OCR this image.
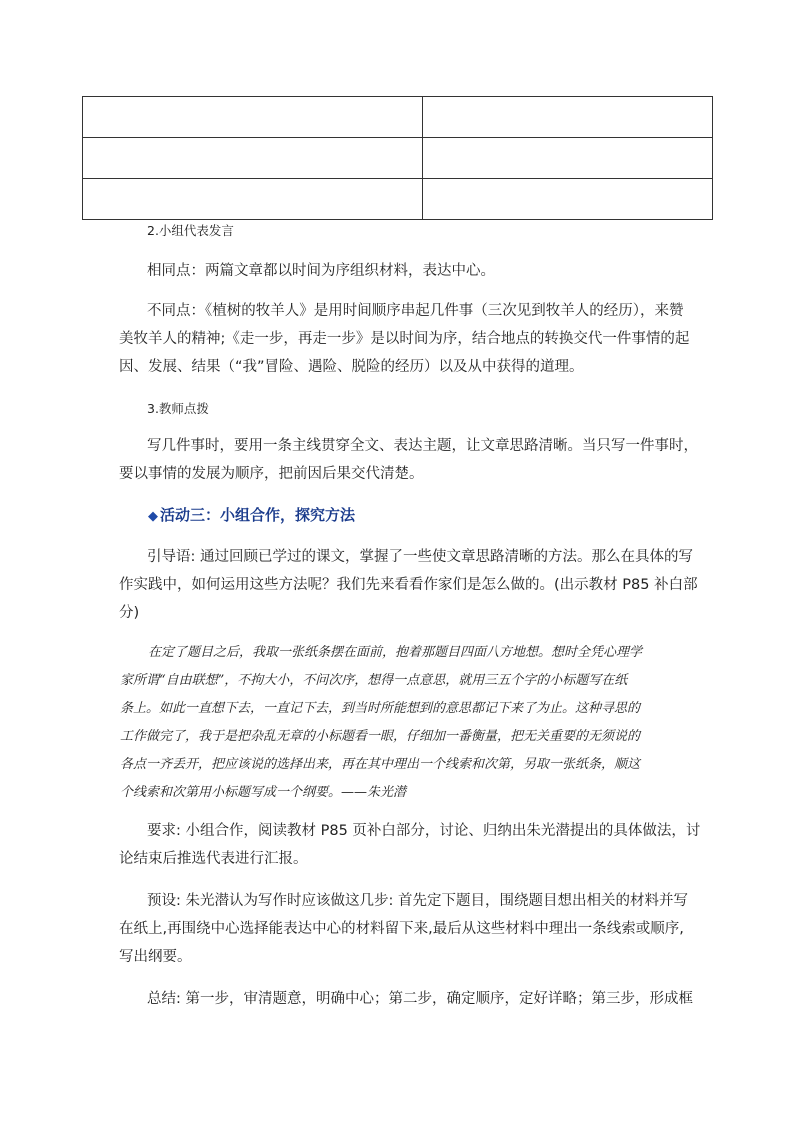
2.小组代表发言
相同点：两篇文章都以时间为序组织材料，表达中心。
不同点：《植树的牧羊人》是用时间顺序串起几件事（三次见到牧羊人的经历），来赞
美牧羊人的精神;《走一步，再走一步》是以时间为序，结合地点的转换交代一件事情的起
因、发展、结果（“我”冒险、遇险、脱险的经历）以及从中获得的道理。
3.教师点拨
写几件事时，要用一条主线贯穿全文、表达主题，让文章思路清晰。当只写一件事时，
要以事情的发展为顺序，把前因后果交代清楚。
◆ 活动三：小组合作，探究方法
引导语: 通过回顾已学过的课文，掌握了一些使文章思路清晰的方法。那么在具体的写
作实践中，如何运用这些方法呢？我们先来看看作家们是怎么做的。(出示教材 P85 补白部
分)
在定了题目之后，我取一张纸条摆在面前，抱着那题目四面八方地想。想时全凭心理学
家所谓“自由联想”，不拘大小，不问次序，想得一点意思，就用三五个字的小标题写在纸
条上。如此一直想下去，一直记下去，到当时所能想到的意思都记下来了为止。这种寻思的
工作做完了，我于是把杂乱无章的小标题看一眼，仔细加一番衡量，把无关重要的无须说的
各点一齐丢开，把应该说的选择出来，再在其中理出一个线索和次第，另取一张纸条，顺这
个线索和次第用小标题写成一个纲要。——朱光潜
要求: 小组合作，阅读教材 P85 页补白部分，讨论、归纳出朱光潜提出的具体做法，讨
论结束后推选代表进行汇报。
预设: 朱光潜认为写作时应该做这几步: 首先定下题目，围绕题目想出相关的材料并写
在纸上,再围绕中心选择能表达中心的材料留下来,最后从这些材料中理出一条线索或顺序,
写出纲要。
总结: 第一步，审清题意，明确中心；第二步，确定顺序，定好详略；第三步，形成框
